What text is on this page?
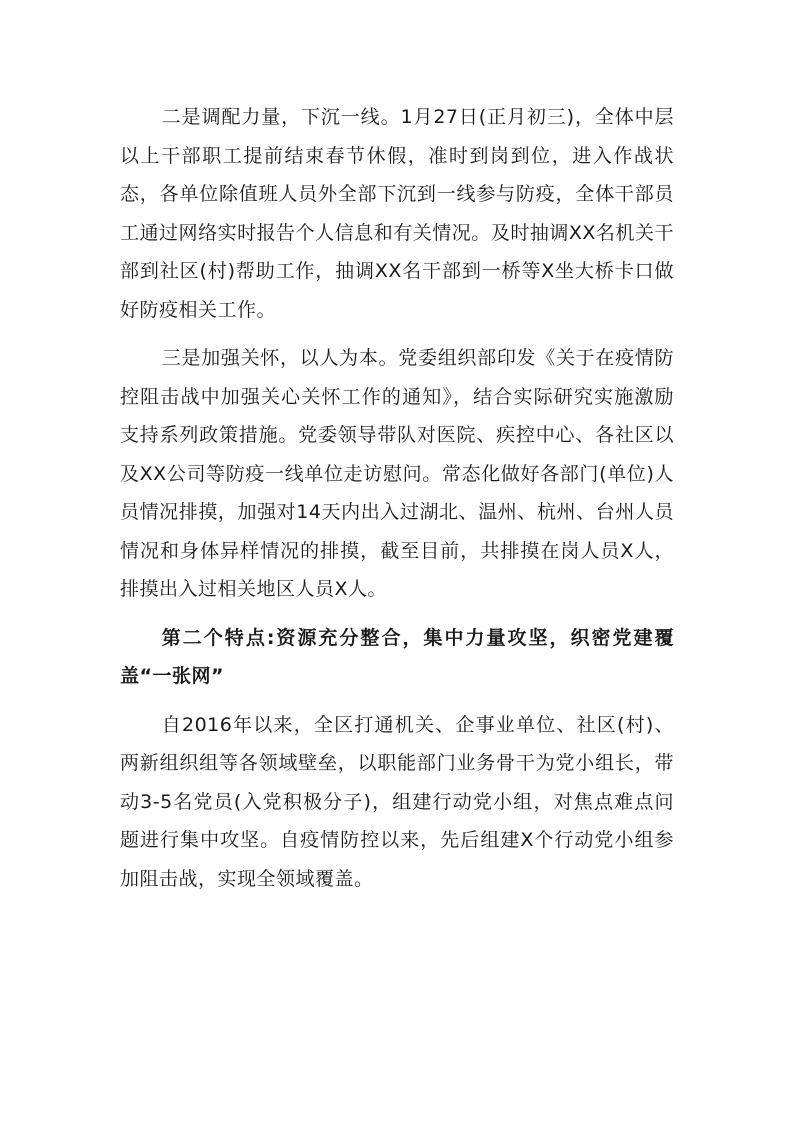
二是调配力量，下沉一线。1月27日(正月初三)，全体中层以上干部职工提前结束春节休假，准时到岗到位，进入作战状态，各单位除值班人员外全部下沉到一线参与防疫，全体干部员工通过网络实时报告个人信息和有关情况。及时抽调XX名机关干部到社区(村)帮助工作，抽调XX名干部到一桥等X坐大桥卡口做好防疫相关工作。

三是加强关怀，以人为本。党委组织部印发《关于在疫情防控阻击战中加强关心关怀工作的通知》，结合实际研究实施激励支持系列政策措施。党委领导带队对医院、疾控中心、各社区以及XX公司等防疫一线单位走访慰问。常态化做好各部门(单位)人员情况排摸，加强对14天内出入过湖北、温州、杭州、台州人员情况和身体异样情况的排摸，截至目前，共排摸在岗人员X人，排摸出入过相关地区人员X人。

第二个特点:资源充分整合，集中力量攻坚，织密党建覆盖“一张网”

自2016年以来，全区打通机关、企事业单位、社区(村)、两新组织组等各领域壁垒，以职能部门业务骨干为党小组长，带动3-5名党员(入党积极分子)，组建行动党小组，对焦点难点问题进行集中攻坚。自疫情防控以来，先后组建X个行动党小组参加阻击战，实现全领域覆盖。
